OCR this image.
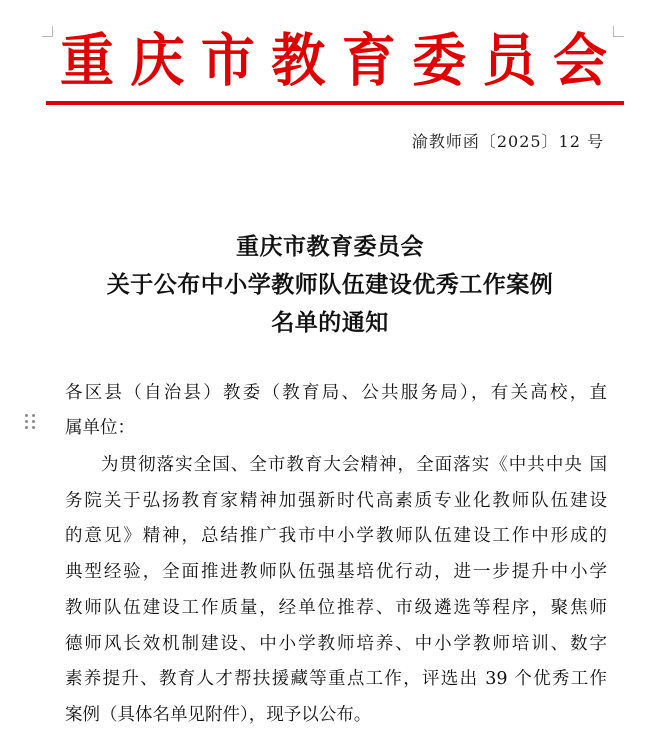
重 庆 市 教 育 委 员 会
渝教师函〔2025〕12 号
重庆市教育委员会
关于公布中小学教师队伍建设优秀工作案例
名单的通知
各区县（自治县）教委（教育局、公共服务局），有关高校，直
属单位：
为贯彻落实全国、全市教育大会精神，全面落实《中共中央 国
务院关于弘扬教育家精神加强新时代高素质专业化教师队伍建设
的意见》精神，总结推广我市中小学教师队伍建设工作中形成的
典型经验，全面推进教师队伍强基培优行动，进一步提升中小学
教师队伍建设工作质量，经单位推荐、市级遴选等程序，聚焦师
德师风长效机制建设、中小学教师培养、中小学教师培训、数字
素养提升、教育人才帮扶援藏等重点工作，评选出 39 个优秀工作
案例（具体名单见附件），现予以公布。
